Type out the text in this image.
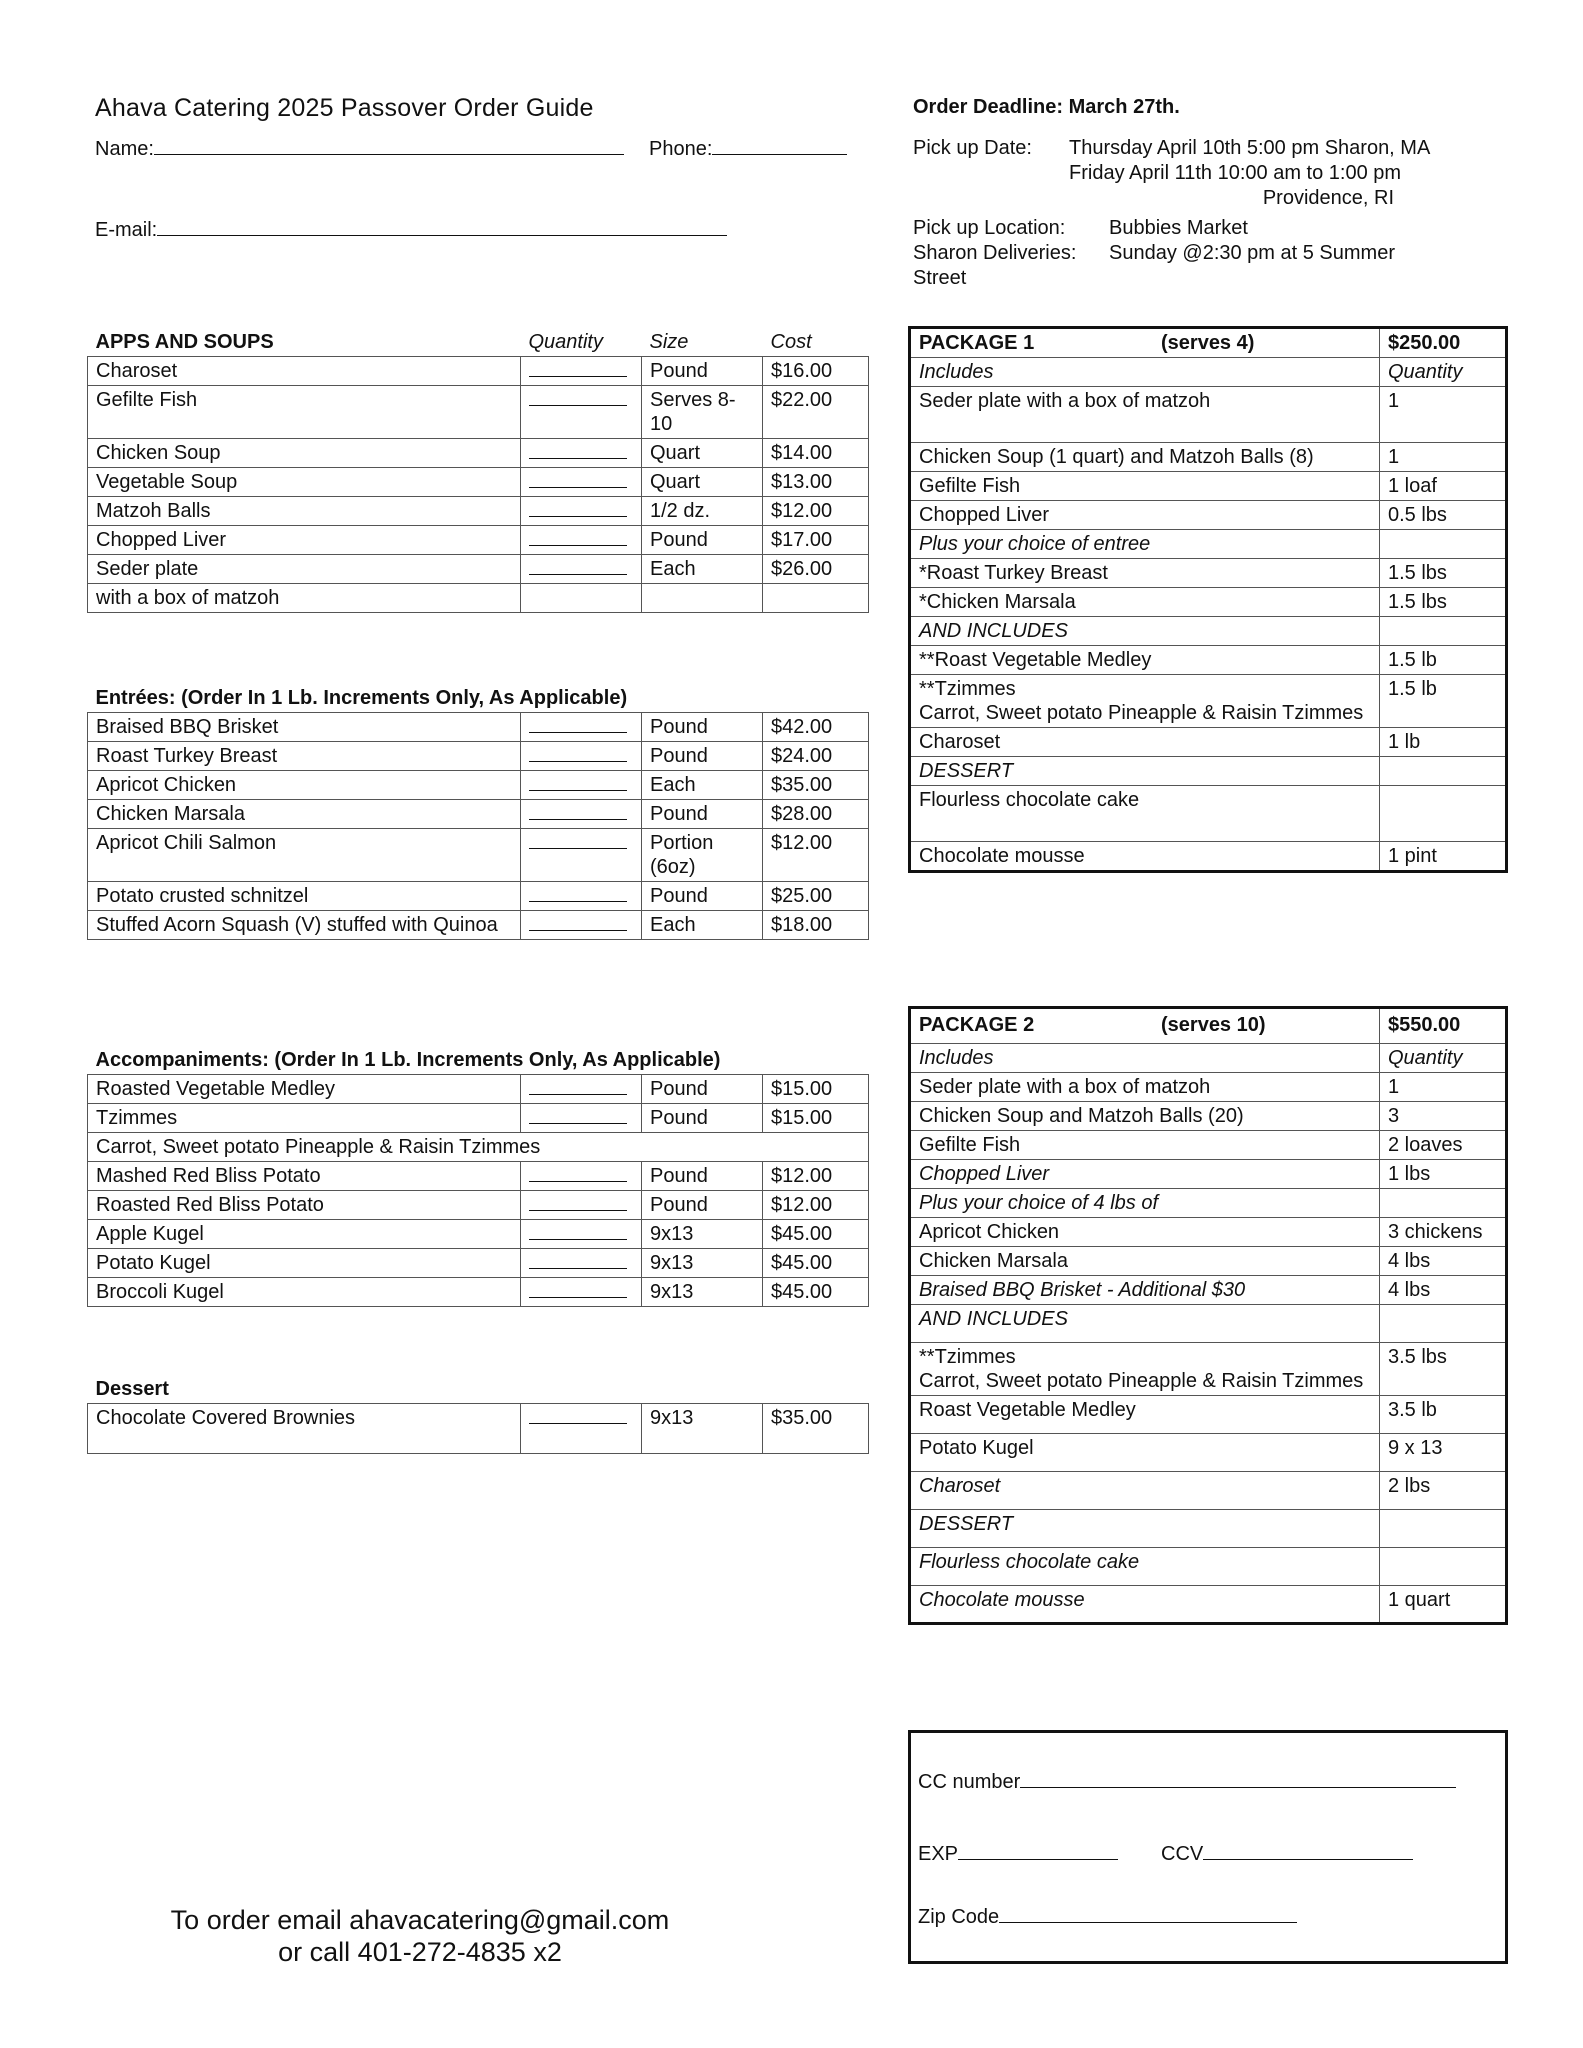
Ahava Catering 2025 Passover Order Guide
Name:	Phone:
E-mail:
Order Deadline: March 27th.
Pick up Date: Thursday April 10th 5:00 pm Sharon, MA
Friday April 11th 10:00 am to 1:00 pm
Providence, RI
Pick up Location: Bubbies Market
Sharon Deliveries: Sunday @2:30 pm at 5 Summer
Street
APPS AND SOUPS	Quantity	Size	Cost
Charoset		Pound	$16.00
Gefilte Fish		Serves 8-10	$22.00
Chicken Soup		Quart	$14.00
Vegetable Soup		Quart	$13.00
Matzoh Balls		1/2 dz.	$12.00
Chopped Liver		Pound	$17.00
Seder plate		Each	$26.00
with a box of matzoh			
Entrées: (Order In 1 Lb. Increments Only, As Applicable)			
Braised BBQ Brisket		Pound	$42.00
Roast Turkey Breast		Pound	$24.00
Apricot Chicken		Each	$35.00
Chicken Marsala		Pound	$28.00
Apricot Chili Salmon		Portion (6oz)	$12.00
Potato crusted schnitzel		Pound	$25.00
Stuffed Acorn Squash (V) stuffed with Quinoa		Each	$18.00
Accompaniments: (Order In 1 Lb. Increments Only, As Applicable)			
Roasted Vegetable Medley		Pound	$15.00
Tzimmes		Pound	$15.00
Carrot, Sweet potato Pineapple & Raisin Tzimmes			
Mashed Red Bliss Potato		Pound	$12.00
Roasted Red Bliss Potato		Pound	$12.00
Apple Kugel		9x13	$45.00
Potato Kugel		9x13	$45.00
Broccoli Kugel		9x13	$45.00
Dessert
Chocolate Covered Brownies		9x13	$35.00
PACKAGE 1 (serves 4)	$250.00
Includes	Quantity

Seder plate with a box of matzoh	1

Chicken Soup (1 quart) and Matzoh Balls (8)	1

Gefilte Fish	1 loaf

Chopped Liver	0.5 lbs

Plus your choice of entree	

*Roast Turkey Breast	1.5 lbs

*Chicken Marsala	1.5 lbs

AND INCLUDES	

**Roast Vegetable Medley	1.5 lb

**Tzimmes
Carrot, Sweet potato Pineapple & Raisin Tzimmes	1.5 lb

Charoset	1 lb

DESSERT	

Flourless chocolate cake	

Chocolate mousse	1 pint
PACKAGE 2 (serves 10)	$550.00
Includes	Quantity

Seder plate with a box of matzoh	1

Chicken Soup and Matzoh Balls (20)	3

Gefilte Fish	2 loaves

Chopped Liver	1 lbs

Plus your choice of 4 lbs of	

Apricot Chicken	3 chickens

Chicken Marsala	4 lbs

Braised BBQ Brisket - Additional $30	4 lbs

AND INCLUDES	

**Tzimmes
Carrot, Sweet potato Pineapple & Raisin Tzimmes	3.5 lbs

Roast Vegetable Medley	3.5 lb

Potato Kugel	9 x 13

Charoset	2 lbs

DESSERT	

Flourless chocolate cake	

Chocolate mousse	1 quart
CC number
EXP	CCV
Zip Code
To order email ahavacatering@gmail.com
or call 401-272-4835 x2
